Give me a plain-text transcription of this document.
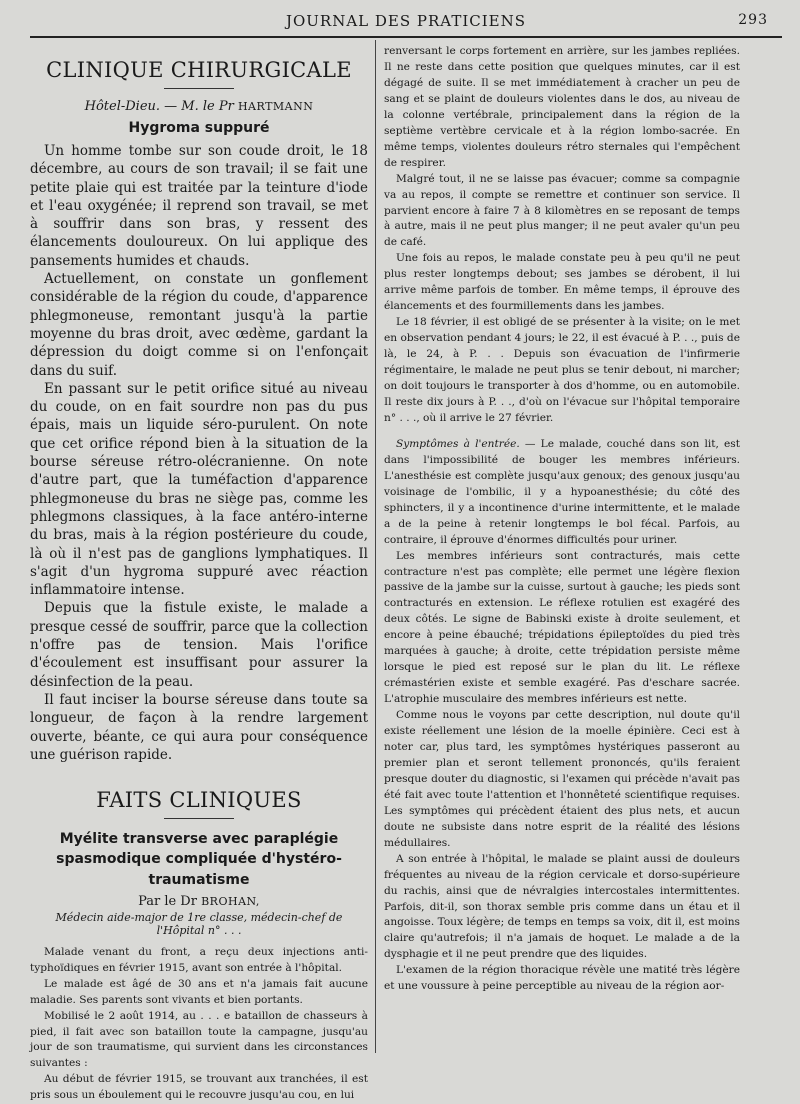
JOURNAL DES PRATICIENS	293
CLINIQUE CHIRURGICALE
Hôtel-Dieu. — M. le Pr HARTMANN
Hygroma suppuré

Un homme tombe sur son coude droit, le 18 décembre, au cours de son travail; il se fait une petite plaie qui est traitée par la teinture d'iode et l'eau oxygénée; il reprend son travail, se met à souffrir dans son bras, y ressent des élancements douloureux. On lui applique des pansements humides et chauds.

Actuellement, on constate un gonflement considérable de la région du coude, d'apparence phlegmoneuse, remontant jusqu'à la partie moyenne du bras droit, avec œdème, gardant la dépression du doigt comme si on l'enfonçait dans du suif.

En passant sur le petit orifice situé au niveau du coude, on en fait sourdre non pas du pus épais, mais un liquide séro-purulent. On note que cet orifice répond bien à la situation de la bourse séreuse rétro-olécranienne. On note d'autre part, que la tuméfaction d'apparence phlegmoneuse du bras ne siège pas, comme les phlegmons classiques, à la face antéro-interne du bras, mais à la région postérieure du coude, là où il n'est pas de ganglions lymphatiques. Il s'agit d'un hygroma suppuré avec réaction inflammatoire intense.

Depuis que la fistule existe, le malade a presque cessé de souffrir, parce que la collection n'offre pas de tension. Mais l'orifice d'écoulement est insuffisant pour assurer la désinfection de la peau.

Il faut inciser la bourse séreuse dans toute sa longueur, de façon à la rendre largement ouverte, béante, ce qui aura pour conséquence une guérison rapide.

FAITS CLINIQUES
Myélite transverse avec paraplégie spasmodique compliquée d'hystéro-traumatisme
Par le Dr BROHAN,
Médecin aide-major de 1re classe, médecin-chef de l'Hôpital n° . . .

Malade venant du front, a reçu deux injections anti-typhoïdiques en février 1915, avant son entrée à l'hôpital.

Le malade est âgé de 30 ans et n'a jamais fait aucune maladie. Ses parents sont vivants et bien portants.

Mobilisé le 2 août 1914, au . . . e bataillon de chasseurs à pied, il fait avec son bataillon toute la campagne, jusqu'au jour de son traumatisme, qui survient dans les circonstances suivantes :

Au début de février 1915, se trouvant aux tranchées, il est pris sous un éboulement qui le recouvre jusqu'au cou, en lui

renversant le corps fortement en arrière, sur les jambes repliées. Il ne reste dans cette position que quelques minutes, car il est dégagé de suite. Il se met immédiatement à cracher un peu de sang et se plaint de douleurs violentes dans le dos, au niveau de la colonne vertébrale, principalement dans la région de la septième vertèbre cervicale et à la région lombo-sacrée. En même temps, violentes douleurs rétro sternales qui l'empêchent de respirer.

Malgré tout, il ne se laisse pas évacuer; comme sa compagnie va au repos, il compte se remettre et continuer son service. Il parvient encore à faire 7 à 8 kilomètres en se reposant de temps à autre, mais il ne peut plus manger; il ne peut avaler qu'un peu de café.

Une fois au repos, le malade constate peu à peu qu'il ne peut plus rester longtemps debout; ses jambes se dérobent, il lui arrive même parfois de tomber. En même temps, il éprouve des élancements et des fourmillements dans les jambes.

Le 18 février, il est obligé de se présenter à la visite; on le met en observation pendant 4 jours; le 22, il est évacué à P. . ., puis de là, le 24, à P. . . Depuis son évacuation de l'infirmerie régimentaire, le malade ne peut plus se tenir debout, ni marcher; on doit toujours le transporter à dos d'homme, ou en automobile. Il reste dix jours à P. . ., d'où on l'évacue sur l'hôpital temporaire n° . . ., où il arrive le 27 février.

Symptômes à l'entrée. — Le malade, couché dans son lit, est dans l'impossibilité de bouger les membres inférieurs. L'anesthésie est complète jusqu'aux genoux; des genoux jusqu'au voisinage de l'ombilic, il y a hypoanesthésie; du côté des sphincters, il y a incontinence d'urine intermittente, et le malade a de la peine à retenir longtemps le bol fécal. Parfois, au contraire, il éprouve d'énormes difficultés pour uriner.

Les membres inférieurs sont contracturés, mais cette contracture n'est pas complète; elle permet une légère flexion passive de la jambe sur la cuisse, surtout à gauche; les pieds sont contracturés en extension. Le réflexe rotulien est exagéré des deux côtés. Le signe de Babinski existe à droite seulement, et encore à peine ébauché; trépidations épileptoïdes du pied très marquées à gauche; à droite, cette trépidation persiste même lorsque le pied est reposé sur le plan du lit. Le réflexe crémastérien existe et semble exagéré. Pas d'eschare sacrée. L'atrophie musculaire des membres inférieurs est nette.

Comme nous le voyons par cette description, nul doute qu'il existe réellement une lésion de la moelle épinière. Ceci est à noter car, plus tard, les symptômes hystériques passeront au premier plan et seront tellement prononcés, qu'ils feraient presque douter du diagnostic, si l'examen qui précède n'avait pas été fait avec toute l'attention et l'honnêteté scientifique requises. Les symptômes qui précèdent étaient des plus nets, et aucun doute ne subsiste dans notre esprit de la réalité des lésions médullaires.

A son entrée à l'hôpital, le malade se plaint aussi de douleurs fréquentes au niveau de la région cervicale et dorso-supérieure du rachis, ainsi que de névralgies intercostales intermittentes. Parfois, dit-il, son thorax semble pris comme dans un étau et il angoisse. Toux légère; de temps en temps sa voix, dit il, est moins claire qu'autrefois; il n'a jamais de hoquet. Le malade a de la dysphagie et il ne peut prendre que des liquides.

L'examen de la région thoracique révèle une matité très légère et une voussure à peine perceptible au niveau de la région aor-
